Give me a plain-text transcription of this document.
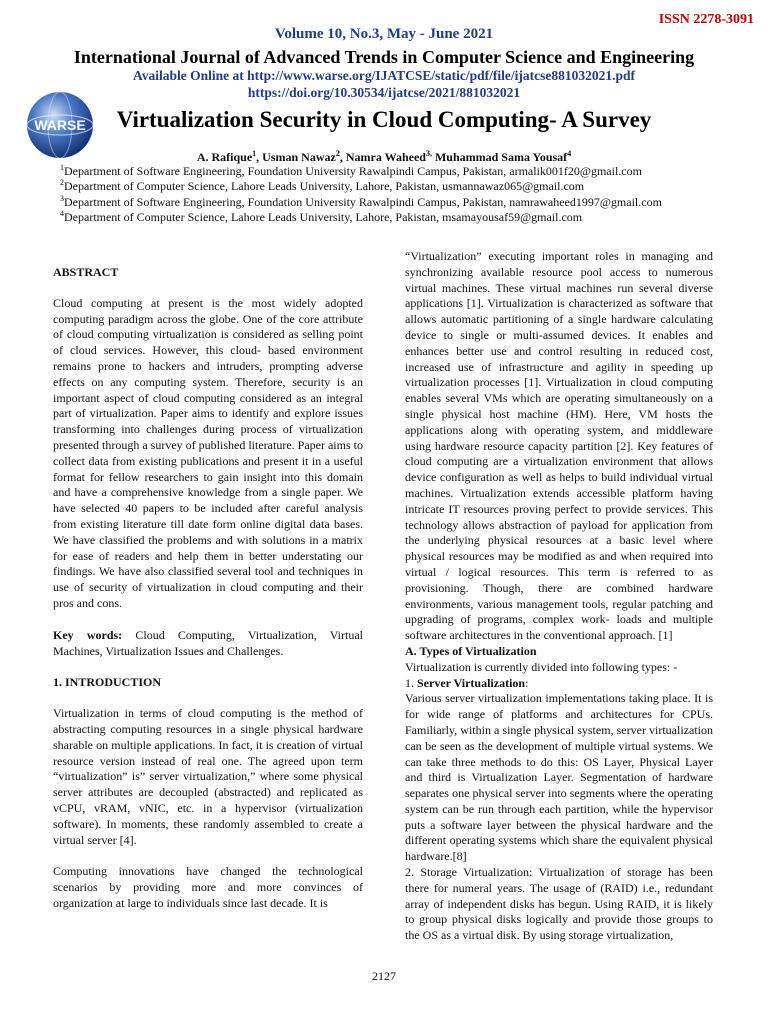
ISSN 2278-3091
Volume 10, No.3, May - June 2021
International Journal of Advanced Trends in Computer Science and Engineering
Available Online at http://www.warse.org/IJATCSE/static/pdf/file/ijatcse881032021.pdf
https://doi.org/10.30534/ijatcse/2021/881032021
WARSE	Virtualization Security in Cloud Computing- A Survey
A. Rafique$^1$, Usman Nawaz$^2$, Namra Waheed$^{3,}$ Muhammad Sama Yousaf$^4$
$^1$Department of Software Engineering, Foundation University Rawalpindi Campus, Pakistan, armalik001f20@gmail.com
$^2$Department of Computer Science, Lahore Leads University, Lahore, Pakistan, usmannawaz065@gmail.com
$^3$Department of Software Engineering, Foundation University Rawalpindi Campus, Pakistan, namrawaheed1997@gmail.com
$^4$Department of Computer Science, Lahore Leads University, Lahore, Pakistan, msamayousaf59@gmail.com

ABSTRACT

Cloud computing at present is the most widely adopted computing paradigm across the globe. One of the core attribute of cloud computing virtualization is considered as selling point of cloud services. However, this cloud- based environment remains prone to hackers and intruders, prompting adverse effects on any computing system. Therefore, security is an important aspect of cloud computing considered as an integral part of virtualization. Paper aims to identify and explore issues transforming into challenges during process of virtualization presented through a survey of published literature. Paper aims to collect data from existing publications and present it in a useful format for fellow researchers to gain insight into this domain and have a comprehensive knowledge from a single paper. We have selected 40 papers to be included after careful analysis from existing literature till date form online digital data bases. We have classified the problems and with solutions in a matrix for ease of readers and help them in better understating our findings. We have also classified several tool and techniques in use of security of virtualization in cloud computing and their pros and cons.

Key words: Cloud Computing, Virtualization, Virtual Machines, Virtualization Issues and Challenges.

1. INTRODUCTION

Virtualization in terms of cloud computing is the method of abstracting computing resources in a single physical hardware sharable on multiple applications. In fact, it is creation of virtual resource version instead of real one. The agreed upon term “virtualization” is” server virtualization,” where some physical server attributes are decoupled (abstracted) and replicated as vCPU, vRAM, vNIC, etc. in a hypervisor (virtualization software). In moments, these randomly assembled to create a virtual server [4].

Computing innovations have changed the technological scenarios by providing more and more convinces of organization at large to individuals since last decade. It is

“Virtualization” executing important roles in managing and synchronizing available resource pool access to numerous virtual machines. These virtual machines run several diverse applications [1]. Virtualization is characterized as software that allows automatic partitioning of a single hardware calculating device to single or multi-assumed devices. It enables and enhances better use and control resulting in reduced cost, increased use of infrastructure and agility in speeding up virtualization processes [1]. Virtualization in cloud computing enables several VMs which are operating simultaneously on a single physical host machine (HM). Here, VM hosts the applications along with operating system, and middleware using hardware resource capacity partition [2]. Key features of cloud computing are a virtualization environment that allows device configuration as well as helps to build individual virtual machines. Virtualization extends accessible platform having intricate IT resources proving perfect to provide services. This technology allows abstraction of payload for application from the underlying physical resources at a basic level where physical resources may be modified as and when required into virtual / logical resources. This term is referred to as provisioning. Though, there are combined hardware environments, various management tools, regular patching and upgrading of programs, complex work- loads and multiple software architectures in the conventional approach. [1]

A. Types of Virtualization

Virtualization is currently divided into following types: -

1. Server Virtualization:

Various server virtualization implementations taking place. It is for wide range of platforms and architectures for CPUs. Familiarly, within a single physical system, server virtualization can be seen as the development of multiple virtual systems. We can take three methods to do this: OS Layer, Physical Layer and third is Virtualization Layer. Segmentation of hardware separates one physical server into segments where the operating system can be run through each partition, while the hypervisor puts a software layer between the physical hardware and the different operating systems which share the equivalent physical hardware.[8]

2. Storage Virtualization: Virtualization of storage has been there for numeral years. The usage of (RAID) i.e., redundant array of independent disks has begun. Using RAID, it is likely to group physical disks logically and provide those groups to the OS as a virtual disk. By using storage virtualization,

2127
